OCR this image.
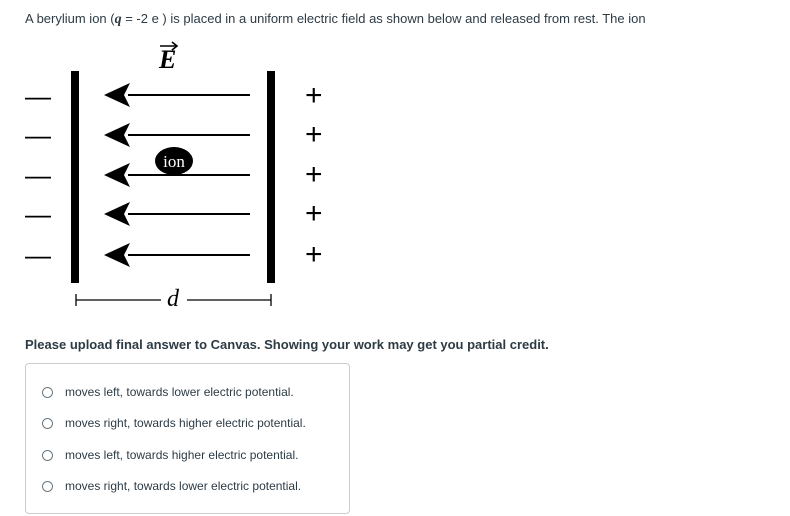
A berylium ion (q = -2 e ) is placed in a uniform electric field as shown below and released from rest. The ion
E
—
—
—
—
—
ion
+
+
+
+
+
d
Please upload final answer to Canvas. Showing your work may get you partial credit.
moves left, towards lower electric potential.
moves right, towards higher electric potential.
moves left, towards higher electric potential.
moves right, towards lower electric potential.
